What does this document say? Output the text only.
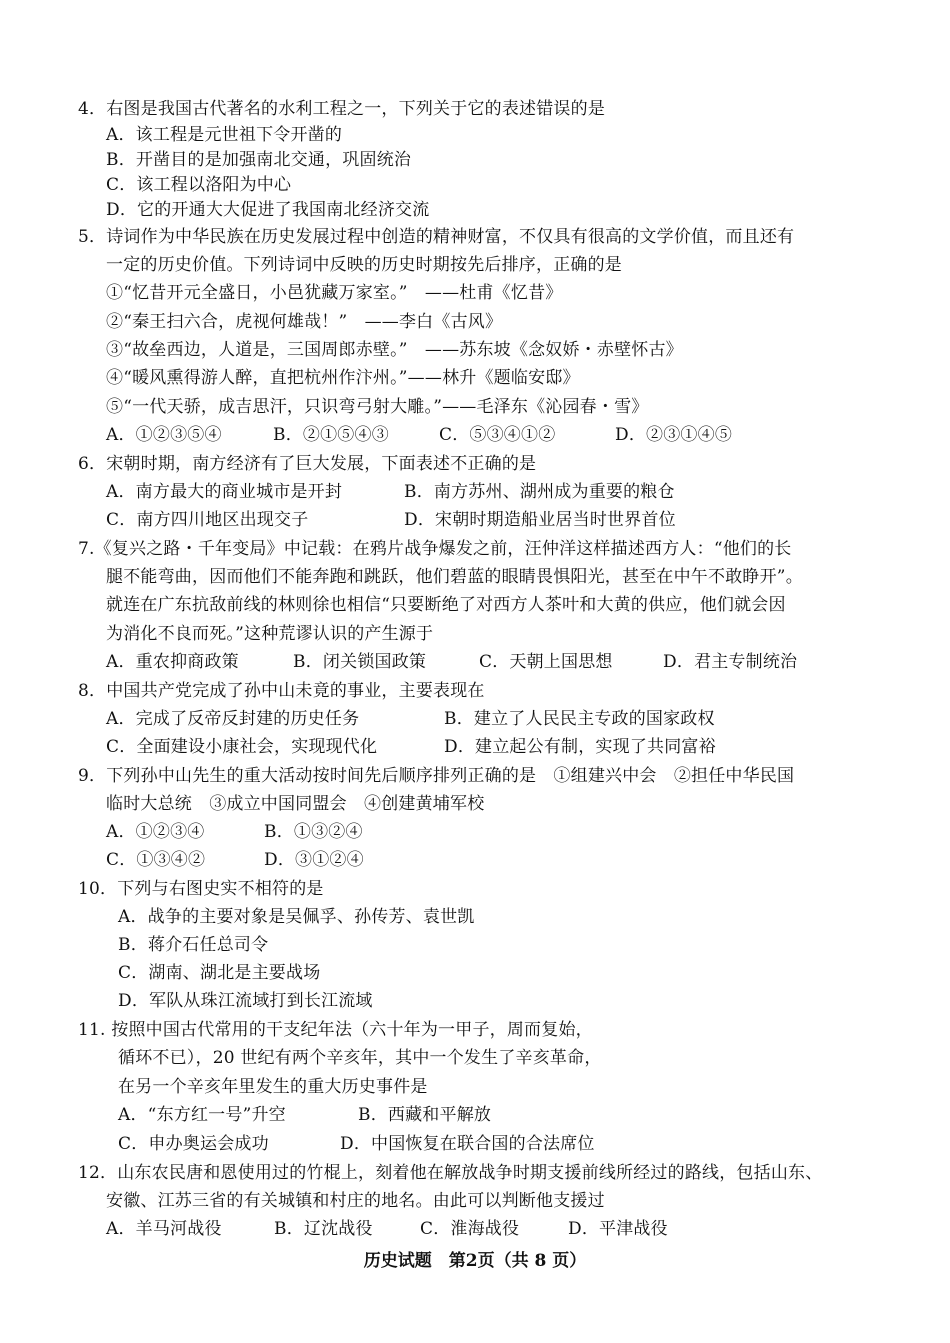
4．右图是我国古代著名的水利工程之一，下列关于它的表述错误的是
A．该工程是元世祖下令开凿的
B．开凿目的是加强南北交通，巩固统治
C．该工程以洛阳为中心
D．它的开通大大促进了我国南北经济交流
5．诗词作为中华民族在历史发展过程中创造的精神财富，不仅具有很高的文学价值，而且还有
一定的历史价值。下列诗词中反映的历史时期按先后排序，正确的是
①“忆昔开元全盛日，小邑犹藏万家室。”　——杜甫《忆昔》
②“秦王扫六合，虎视何雄哉！”　——李白《古风》
③“故垒西边，人道是，三国周郎赤壁。”　——苏东坡《念奴娇・赤壁怀古》
④“暖风熏得游人醉，直把杭州作汴州。”——林升《题临安邸》
⑤“一代天骄，成吉思汗，只识弯弓射大雕。”——毛泽东《沁园春・雪》
A．①②③⑤④	B．②①⑤④③	C．⑤③④①②	D．②③①④⑤
6．宋朝时期，南方经济有了巨大发展，下面表述不正确的是
A．南方最大的商业城市是开封	B．南方苏州、湖州成为重要的粮仓
C．南方四川地区出现交子	D．宋朝时期造船业居当时世界首位
7.《复兴之路・千年变局》中记载：在鸦片战争爆发之前，汪仲洋这样描述西方人：“他们的长
腿不能弯曲，因而他们不能奔跑和跳跃，他们碧蓝的眼睛畏惧阳光，甚至在中午不敢睁开”。
就连在广东抗敌前线的林则徐也相信“只要断绝了对西方人茶叶和大黄的供应，他们就会因
为消化不良而死。”这种荒谬认识的产生源于
A．重农抑商政策	B．闭关锁国政策	C．天朝上国思想	D．君主专制统治
8．中国共产党完成了孙中山未竟的事业，主要表现在
A．完成了反帝反封建的历史任务	B．建立了人民民主专政的国家政权
C．全面建设小康社会，实现现代化	D．建立起公有制，实现了共同富裕
9．下列孙中山先生的重大活动按时间先后顺序排列正确的是　①组建兴中会　②担任中华民国
临时大总统　③成立中国同盟会　④创建黄埔军校
A．①②③④	B．①③②④
C．①③④②	D．③①②④
10．下列与右图史实不相符的是
A．战争的主要对象是吴佩孚、孙传芳、袁世凯
B．蒋介石任总司令
C．湖南、湖北是主要战场
D．军队从珠江流域打到长江流域
11. 按照中国古代常用的干支纪年法（六十年为一甲子，周而复始，
循环不已），20 世纪有两个辛亥年，其中一个发生了辛亥革命，
在另一个辛亥年里发生的重大历史事件是
A．“东方红一号”升空	B．西藏和平解放
C．申办奥运会成功	D．中国恢复在联合国的合法席位
12．山东农民唐和恩使用过的竹棍上，刻着他在解放战争时期支援前线所经过的路线，包括山东、
安徽、江苏三省的有关城镇和村庄的地名。由此可以判断他支援过
A．羊马河战役	B．辽沈战役	C．淮海战役	D．平津战役
历史试题　第2页（共 8 页）
